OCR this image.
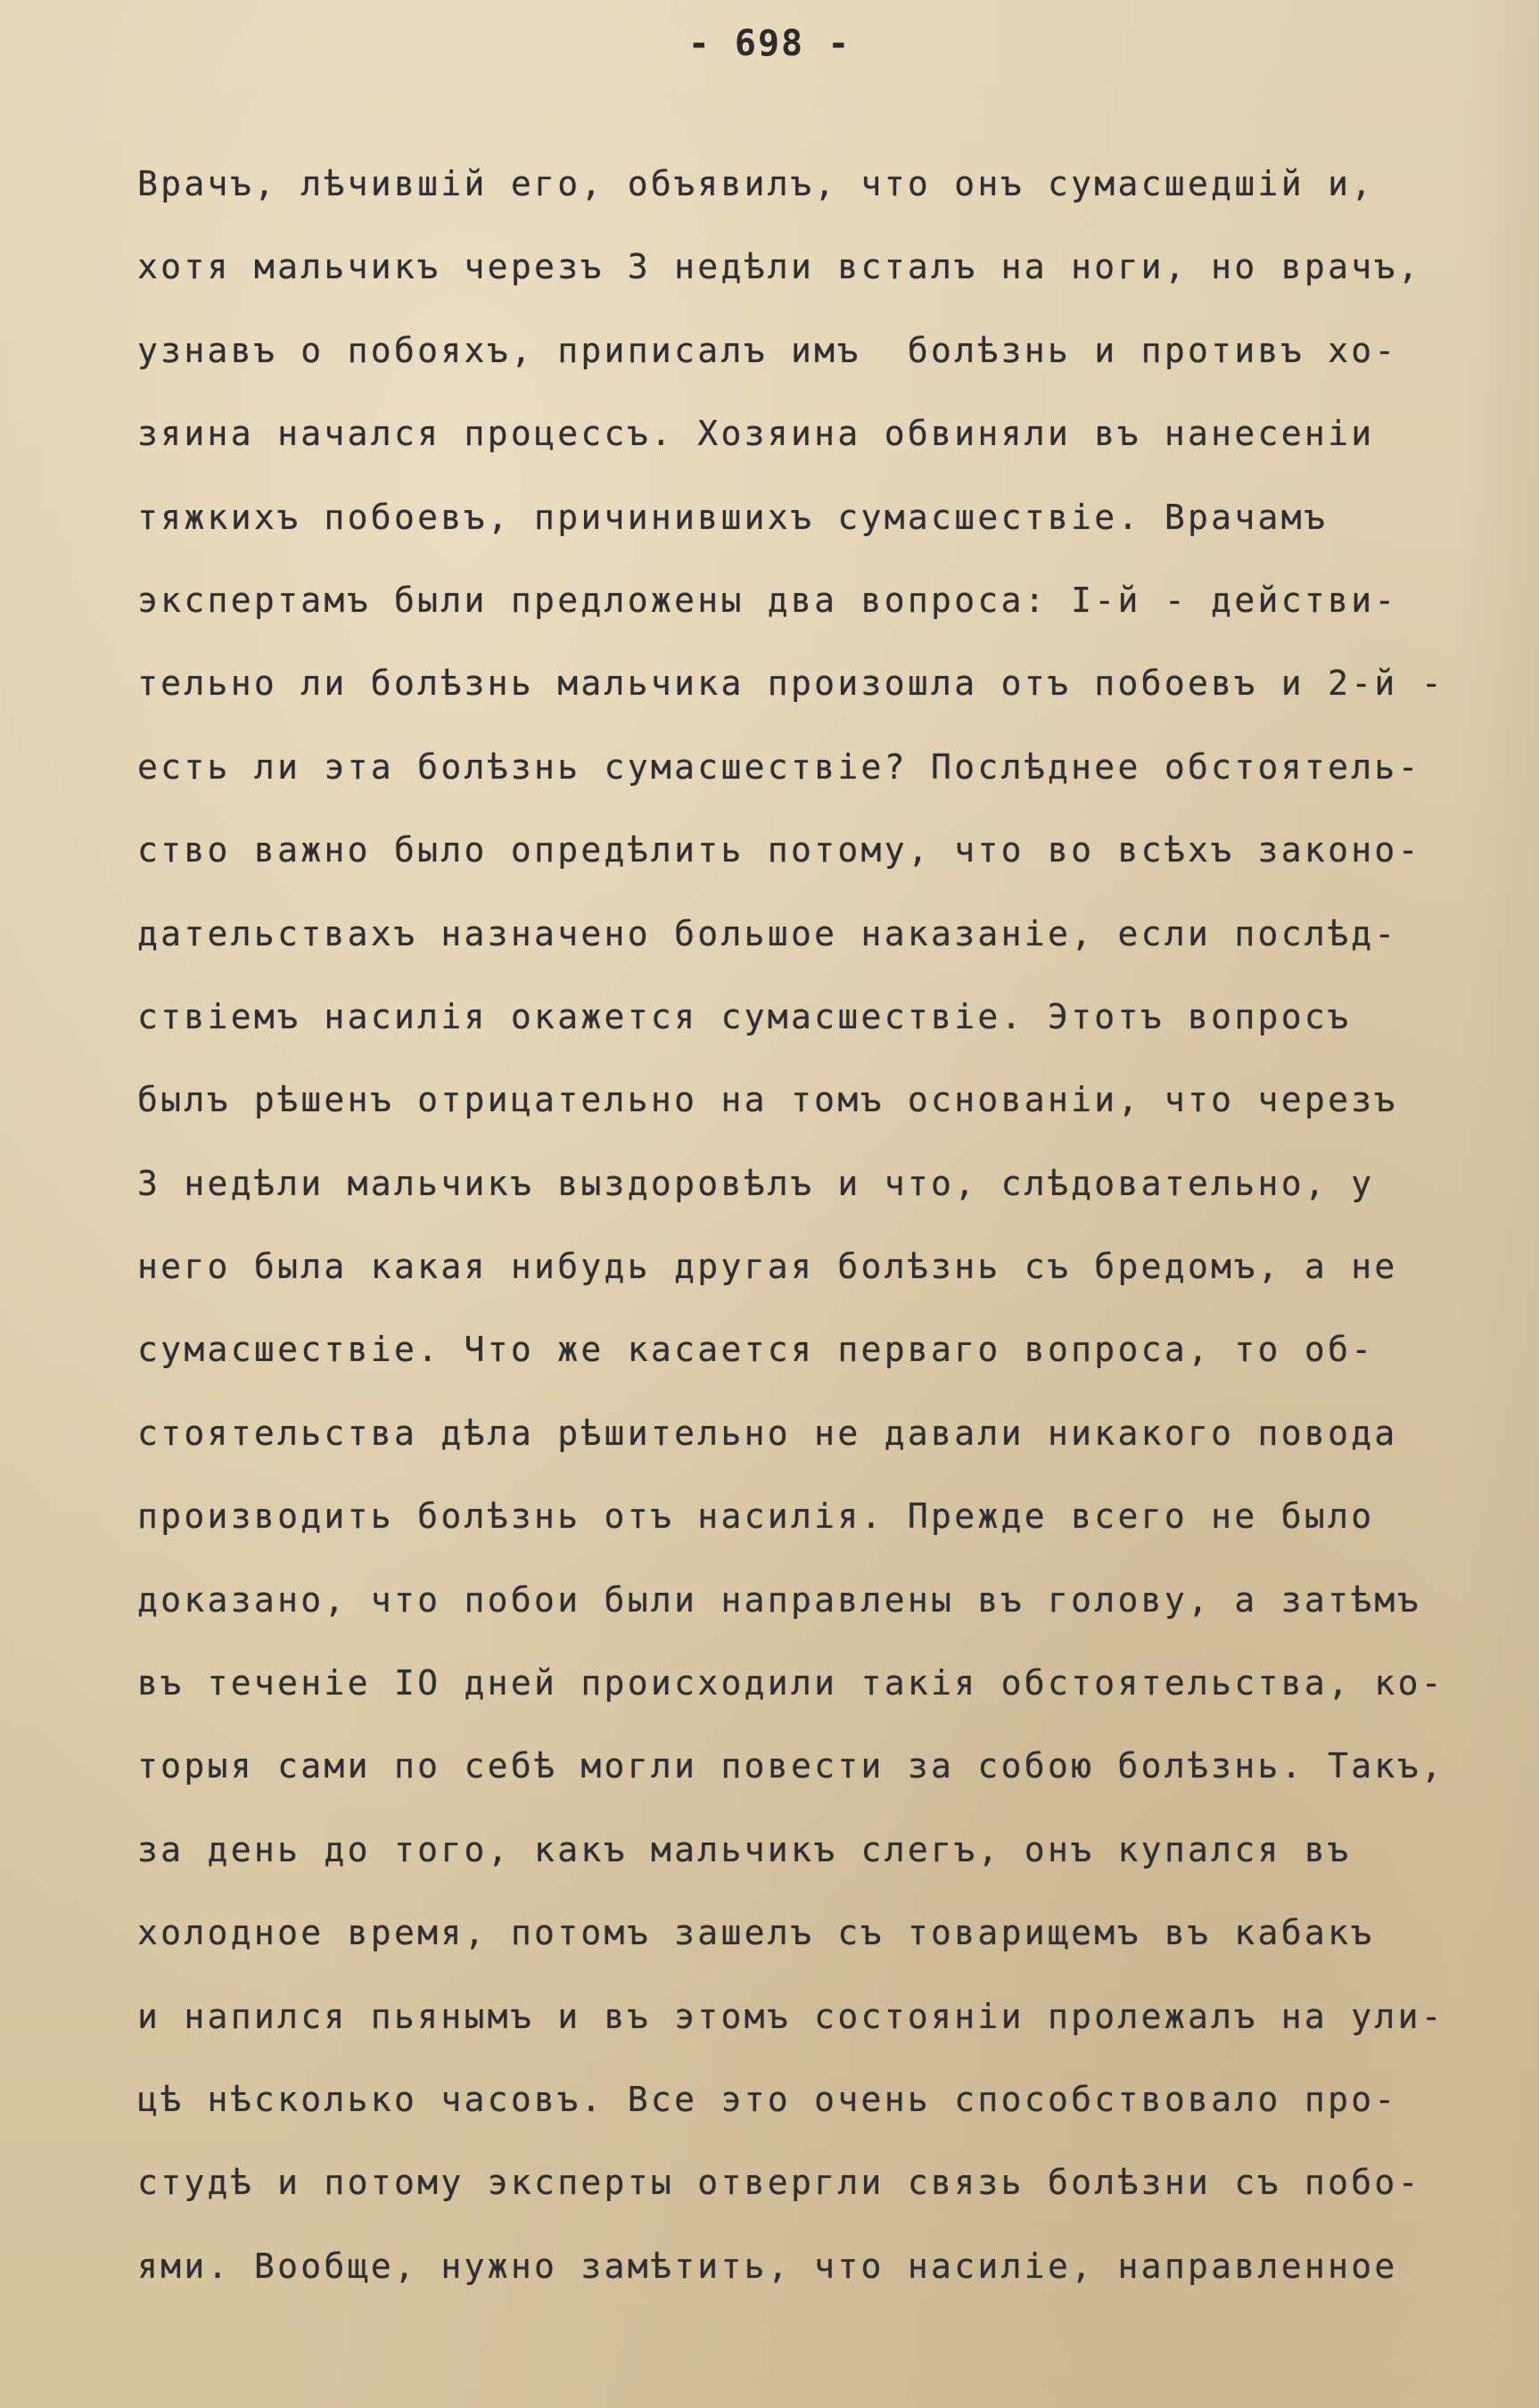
- 698 -
Врачъ, лѣчившій его, объявилъ, что онъ сумасшедшій и,
хотя мальчикъ черезъ 3 недѣли всталъ на ноги, но врачъ,
узнавъ о побояхъ, приписалъ имъ  болѣзнь и противъ хо-
зяина начался процессъ. Хозяина обвиняли въ нанесеніи
тяжкихъ побоевъ, причинившихъ сумасшествіе. Врачамъ
экспертамъ были предложены два вопроса: I-й - действи-
тельно ли болѣзнь мальчика произошла отъ побоевъ и 2-й -
есть ли эта болѣзнь сумасшествіе? Послѣднее обстоятель-
ство важно было опредѣлить потому, что во всѣхъ законо-
дательствахъ назначено большое наказаніе, если послѣд-
ствіемъ насилія окажется сумасшествіе. Этотъ вопросъ
былъ рѣшенъ отрицательно на томъ основаніи, что черезъ
3 недѣли мальчикъ выздоровѣлъ и что, слѣдовательно, у
него была какая нибудь другая болѣзнь съ бредомъ, а не
сумасшествіе. Что же касается перваго вопроса, то об-
стоятельства дѣла рѣшительно не давали никакого повода
производить болѣзнь отъ насилія. Прежде всего не было
доказано, что побои были направлены въ голову, а затѣмъ
въ теченіе IO дней происходили такія обстоятельства, ко-
торыя сами по себѣ могли повести за собою болѣзнь. Такъ,
за день до того, какъ мальчикъ слегъ, онъ купался въ
холодное время, потомъ зашелъ съ товарищемъ въ кабакъ
и напился пьянымъ и въ этомъ состояніи пролежалъ на ули-
цѣ нѣсколько часовъ. Все это очень способствовало про-
студѣ и потому эксперты отвергли связь болѣзни съ побо-
ями. Вообще, нужно замѣтить, что насиліе, направленное
